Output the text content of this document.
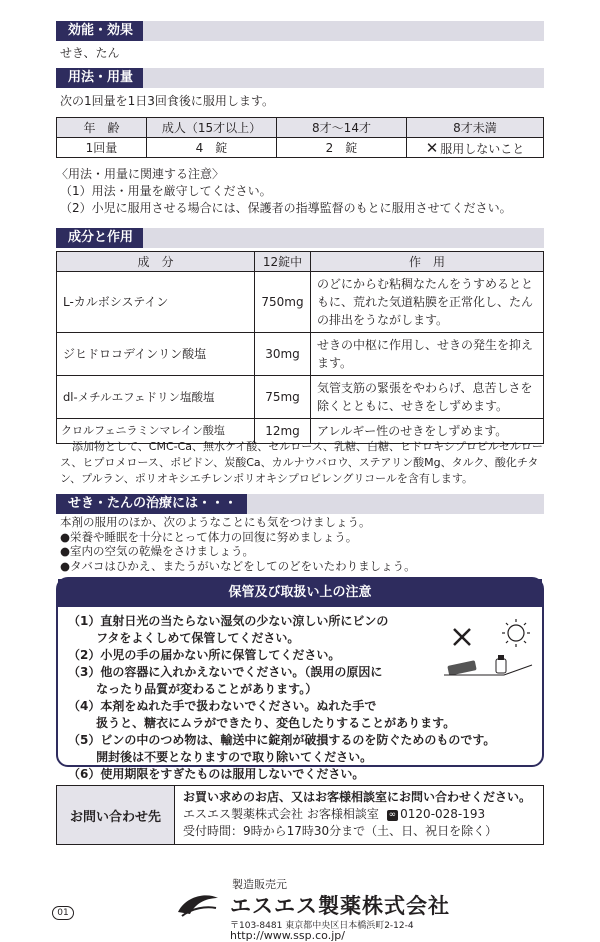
効能・効果
せき、たん
用法・用量
次の1回量を1日3回食後に服用します。
年　齢	成人（15才以上）	8才～14才	8才未満
1回量	4　錠	2　錠	✕ 服用しないこと
〈用法・用量に関連する注意〉
（1）用法・用量を厳守してください。
（2）小児に服用させる場合には、保護者の指導監督のもとに服用させてください。
成分と作用
成　分	12錠中	作　用
L-カルボシステイン	750mg	のどにからむ粘稠なたんをうすめるとともに、荒れた気道粘膜を正常化し、たんの排出をうながします。
ジヒドロコデインリン酸塩	30mg	せきの中枢に作用し、せきの発生を抑えます。
dl-メチルエフェドリン塩酸塩	75mg	気管支筋の緊張をやわらげ、息苦しさを除くとともに、せきをしずめます。
クロルフェニラミンマレイン酸塩	12mg	アレルギー性のせきをしずめます。
添加物として、CMC-Ca、無水ケイ酸、セルロース、乳糖、白糖、ヒドロキシプロピルセルロース、ヒプロメロース、ポビドン、炭酸Ca、カルナウバロウ、ステアリン酸Mg、タルク、酸化チタン、プルラン、ポリオキシエチレンポリオキシプロピレングリコールを含有します。
せき・たんの治療には・・・
本剤の服用のほか、次のようなことにも気をつけましょう。
●栄養や睡眠を十分にとって体力の回復に努めましょう。
●室内の空気の乾燥をさけましょう。
●タバコはひかえ、またうがいなどをしてのどをいたわりましょう。
保管及び取扱い上の注意
（1）直射日光の当たらない湿気の少ない涼しい所にビンの
　　 フタをよくしめて保管してください。
（2）小児の手の届かない所に保管してください。
（3）他の容器に入れかえないでください。（誤用の原因に
　　 なったり品質が変わることがあります。）
（4）本剤をぬれた手で扱わないでください。ぬれた手で
　　 扱うと、糖衣にムラができたり、変色したりすることがあります。
（5）ビンの中のつめ物は、輸送中に錠剤が破損するのを防ぐためのものです。
　　 開封後は不要となりますので取り除いてください。
（6）使用期限をすぎたものは服用しないでください。
お問い合わせ先
お買い求めのお店、又はお客様相談室にお問い合わせください。
エスエス製薬株式会社 お客様相談室 ∞ 0120-028-193
受付時間：9時から17時30分まで（土、日、祝日を除く）
製造販売元
エスエス製薬株式会社
〒103-8481 東京都中央区日本橋浜町2-12-4
http://www.ssp.co.jp/
01
